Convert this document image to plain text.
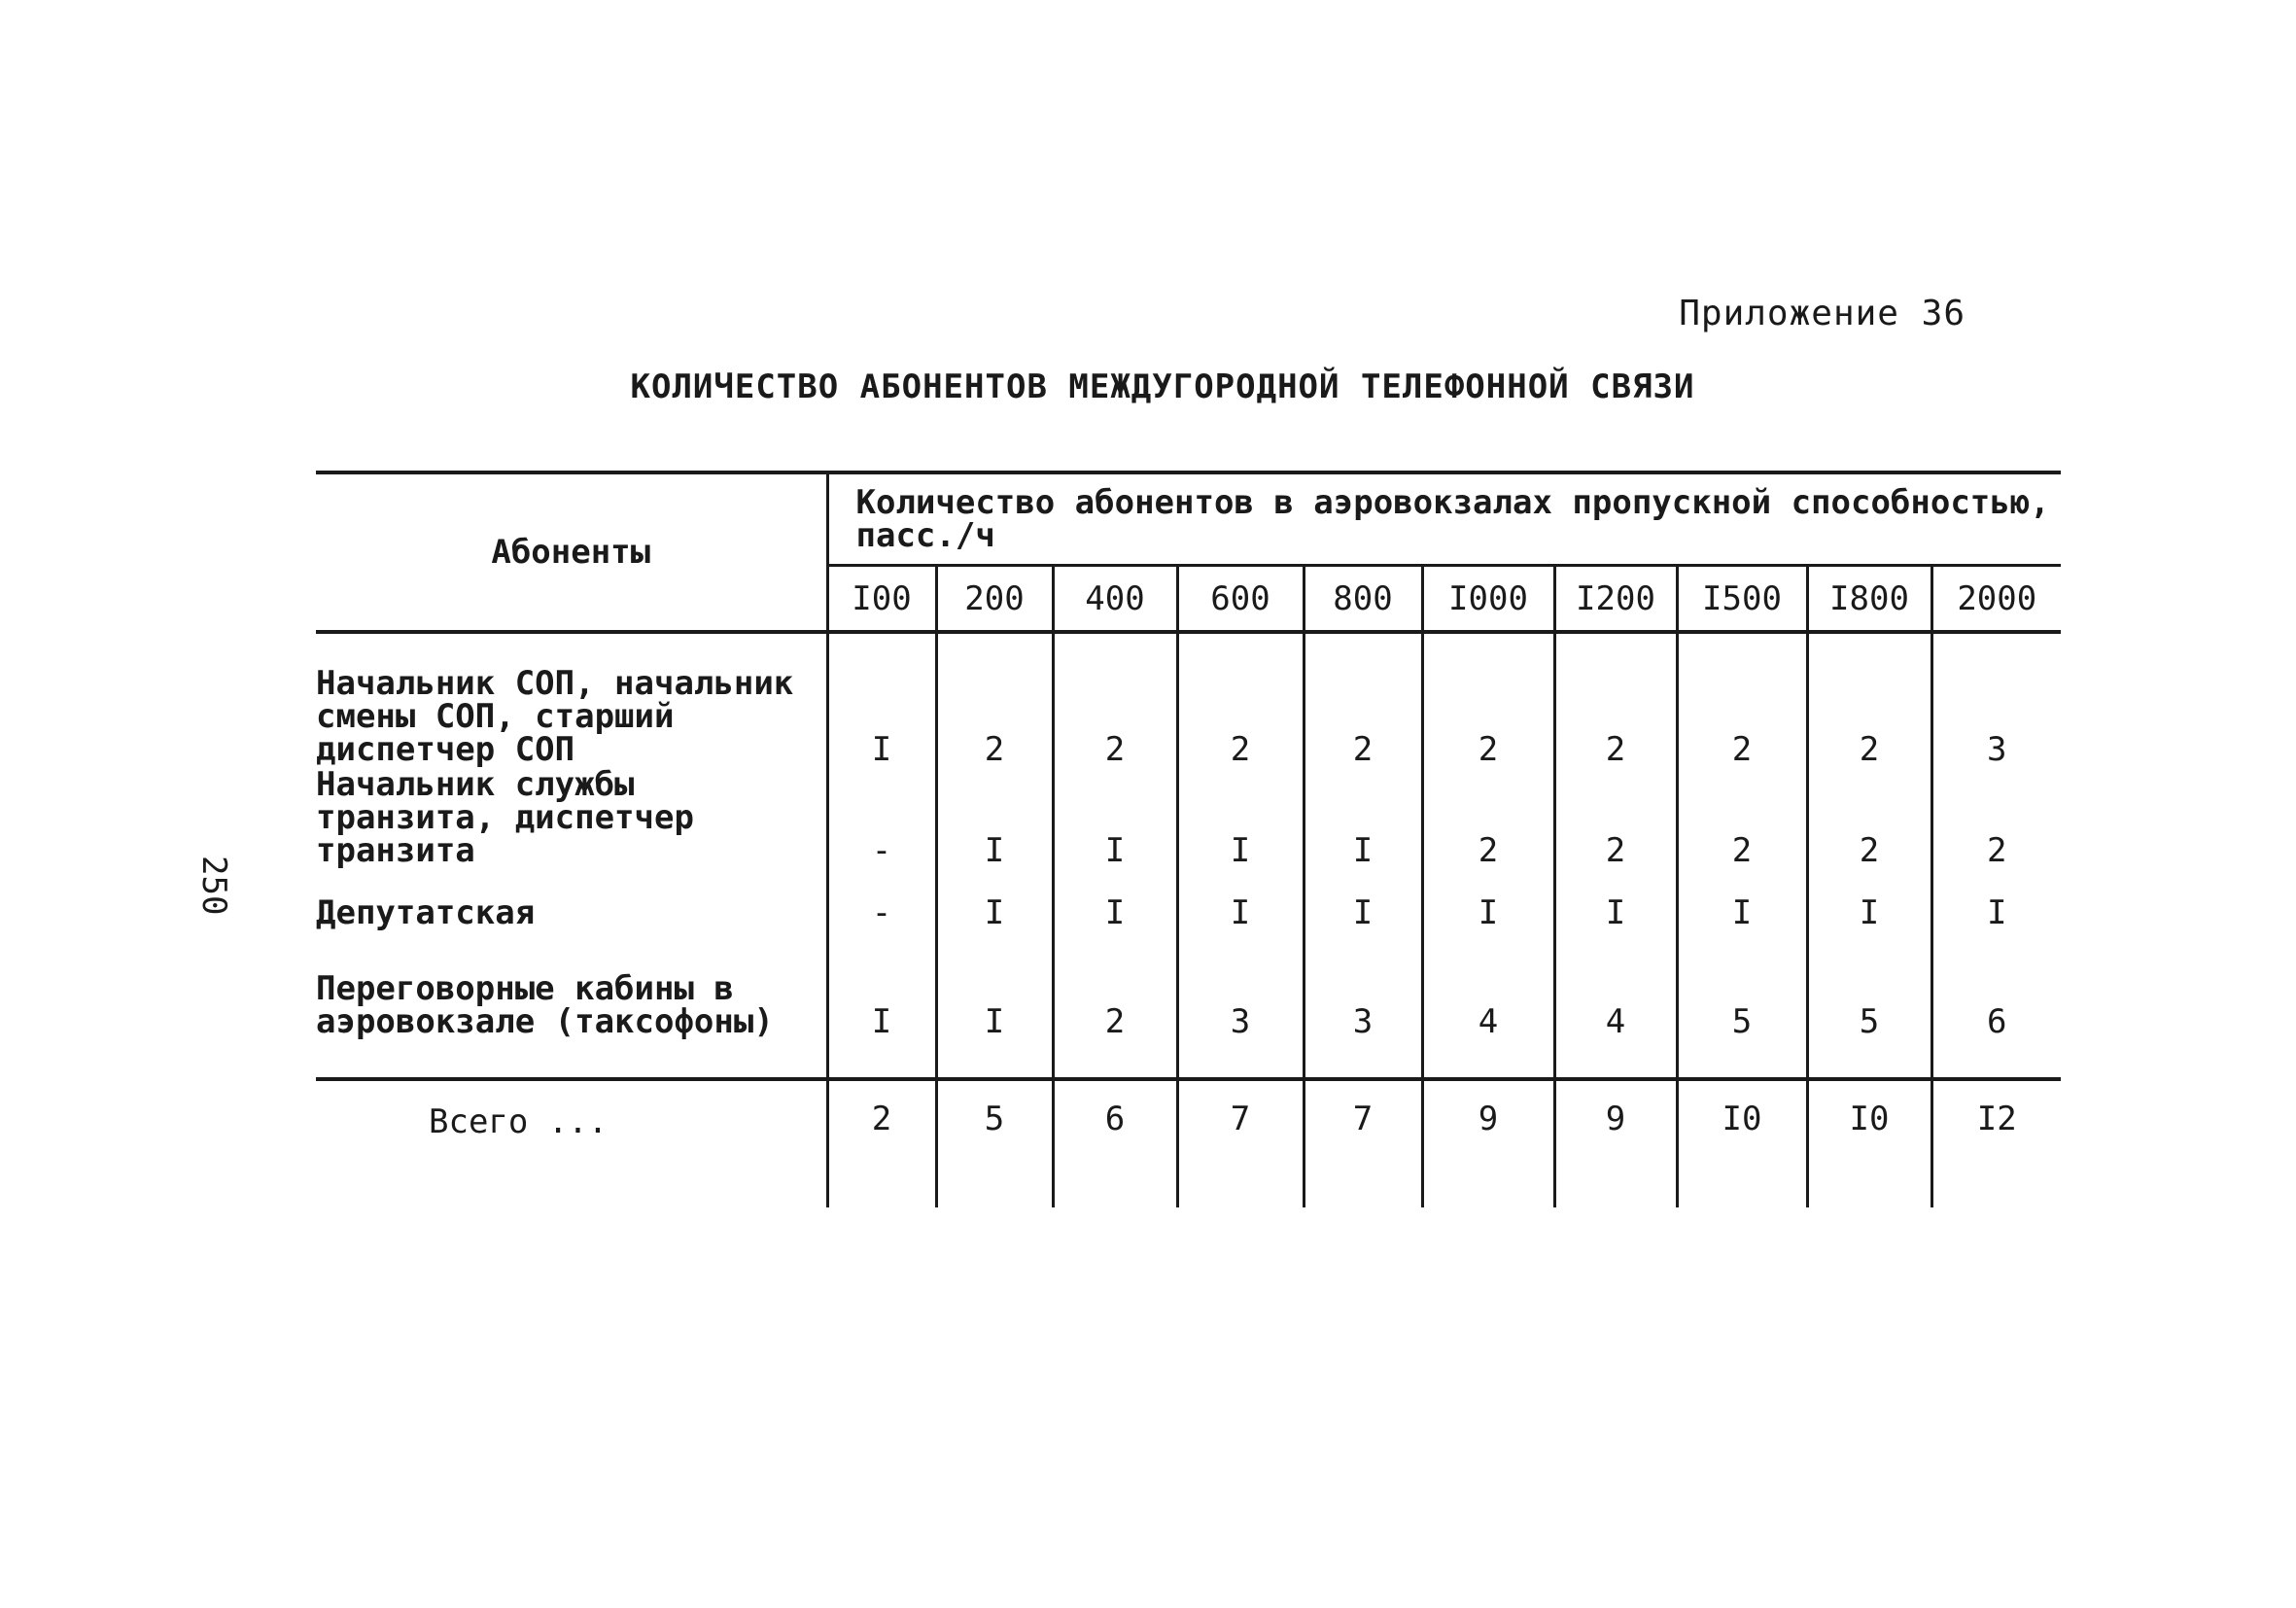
Приложение 36
КОЛИЧЕСТВО АБОНЕНТОВ МЕЖДУГОРОДНОЙ ТЕЛЕФОННОЙ СВЯЗИ
250
Абоненты	Количество абонентов в аэровокзалах пропускной способностью, пасс./ч									
	I00	200	400	600	800	I000	I200	I500	I800	2000
Начальник СОП, начальник смены СОП, старший диспетчер СОП	I	2	2	2	2	2	2	2	2	3
Начальник службы транзита, диспетчер транзита	-	I	I	I	I	2	2	2	2	2
Депутатская	-	I	I	I	I	I	I	I	I	I
Переговорные кабины в аэровокзале (таксофоны)	I	I	2	3	3	4	4	5	5	6
Всего ...	2	5	6	7	7	9	9	I0	I0	I2
